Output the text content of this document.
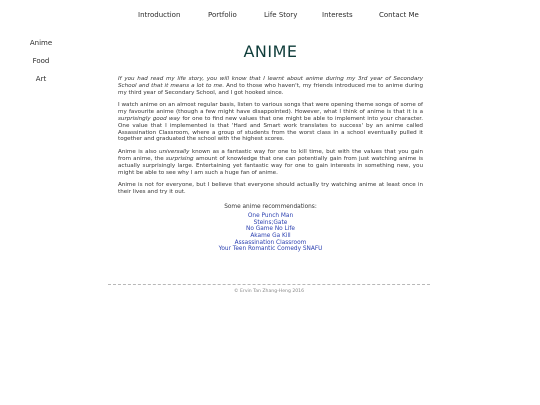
Introduction	Portfolio	Life Story	Interests	Contact Me
Anime
Food
Art
ANIME

If you had read my life story, you will know that I learnt about anime during my 3rd year of Secondary School and that it means a lot to me. And to those who haven't, my friends introduced me to anime during my third year of Secondary School, and I got hooked since.

I watch anime on an almost regular basis, listen to various songs that were opening theme songs of some of my favourite anime (though a few might have disappointed). However, what I think of anime is that it is a surprisingly good way for one to find new values that one might be able to implement into your character. One value that I implemented is that 'Hard and Smart work translates to success' by an anime called Assassination Classroom, where a group of students from the worst class in a school eventually pulled it together and graduated the school with the highest scores.

Anime is also universally known as a fantastic way for one to kill time, but with the values that you gain from anime, the surprising amount of knowledge that one can potentially gain from just watching anime is actually surprisingly large. Entertaining yet fantastic way for one to gain interests in something new, you might be able to see why I am such a huge fan of anime.

Anime is not for everyone, but I believe that everyone should actually try watching anime at least once in their lives and try it out.

Some anime recommendations:
One Punch Man
Steins;Gate
No Game No Life
Akame Ga Kill
Assassination Classroom
Your Teen Romantic Comedy SNAFU
© Ervin Tan Zhang-Heng 2016
